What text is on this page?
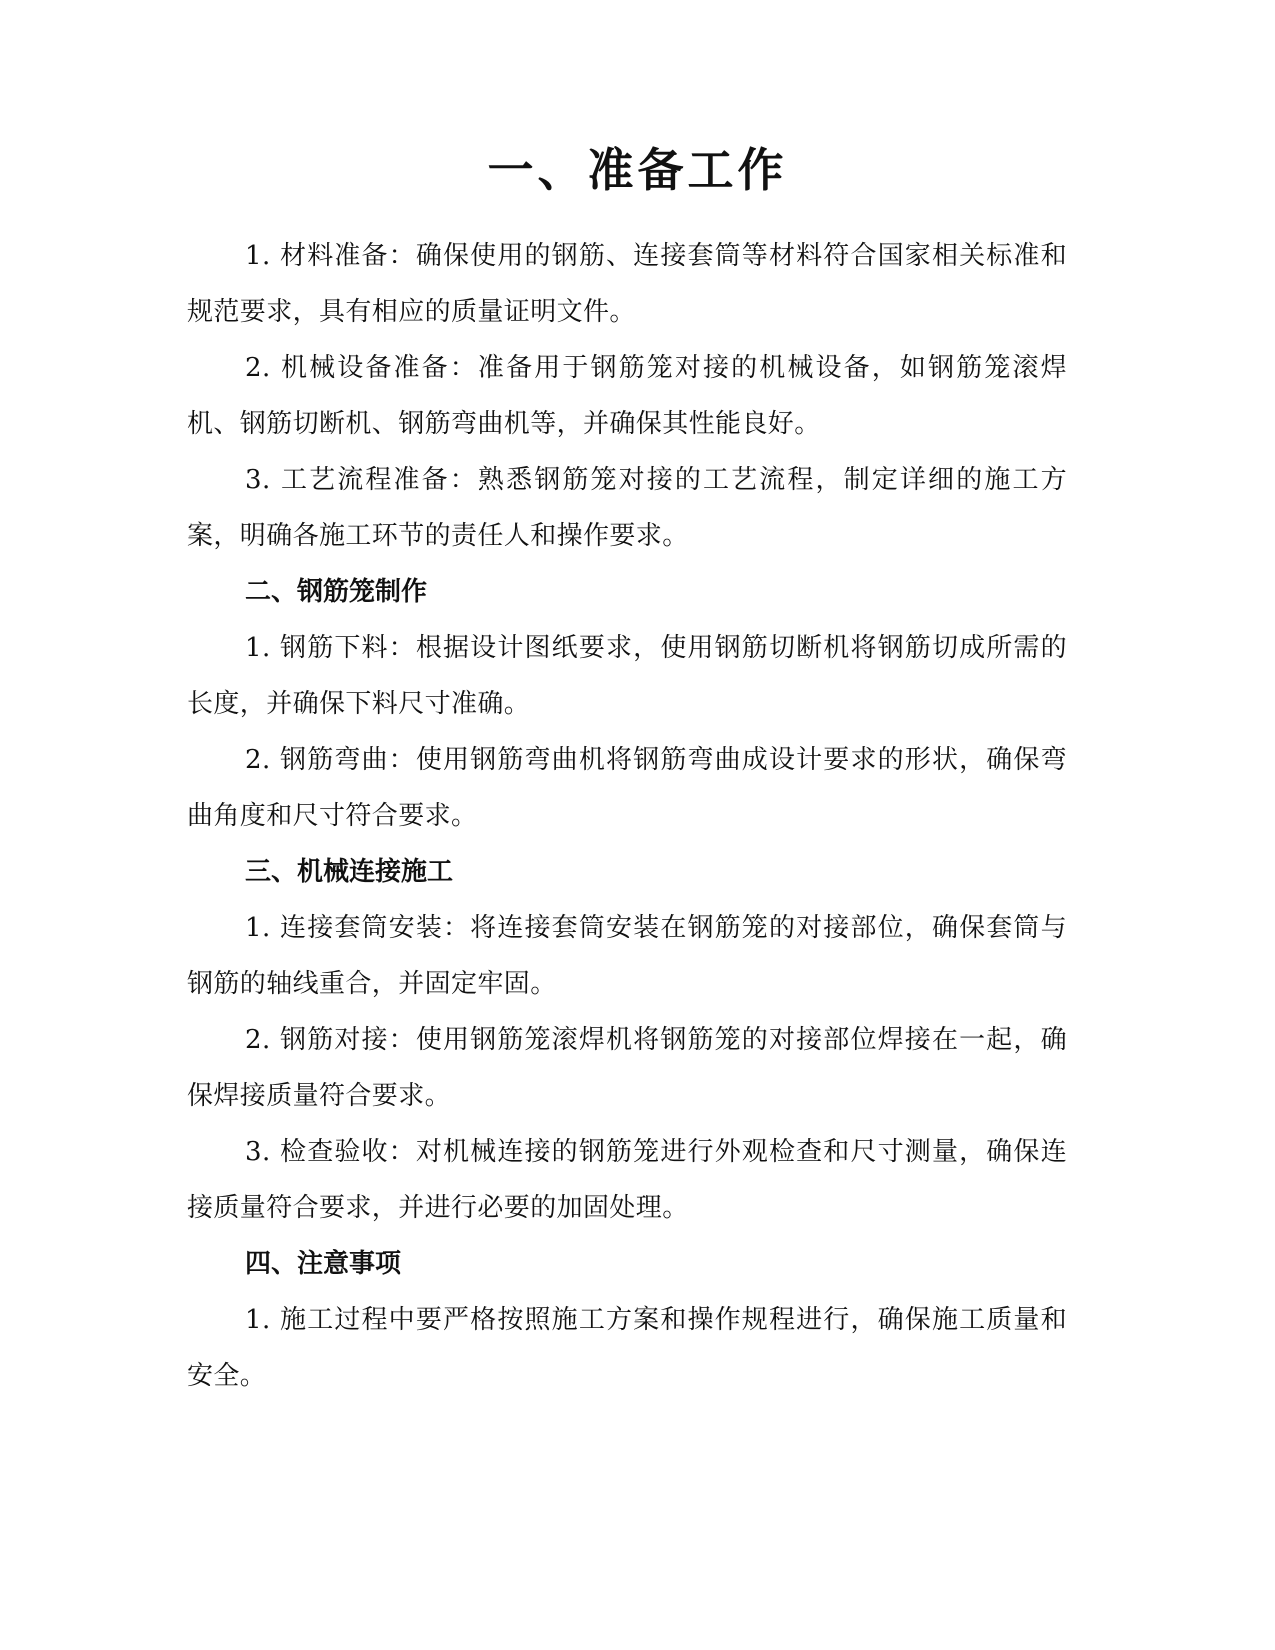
一、准备工作

1. 材料准备：确保使用的钢筋、连接套筒等材料符合国家相关标准和规范要求，具有相应的质量证明文件。

2. 机械设备准备：准备用于钢筋笼对接的机械设备，如钢筋笼滚焊机、钢筋切断机、钢筋弯曲机等，并确保其性能良好。

3. 工艺流程准备：熟悉钢筋笼对接的工艺流程，制定详细的施工方案，明确各施工环节的责任人和操作要求。

二、钢筋笼制作

1. 钢筋下料：根据设计图纸要求，使用钢筋切断机将钢筋切成所需的长度，并确保下料尺寸准确。

2. 钢筋弯曲：使用钢筋弯曲机将钢筋弯曲成设计要求的形状，确保弯曲角度和尺寸符合要求。

三、机械连接施工

1. 连接套筒安装：将连接套筒安装在钢筋笼的对接部位，确保套筒与钢筋的轴线重合，并固定牢固。

2. 钢筋对接：使用钢筋笼滚焊机将钢筋笼的对接部位焊接在一起，确保焊接质量符合要求。

3. 检查验收：对机械连接的钢筋笼进行外观检查和尺寸测量，确保连接质量符合要求，并进行必要的加固处理。

四、注意事项

1. 施工过程中要严格按照施工方案和操作规程进行，确保施工质量和安全。
